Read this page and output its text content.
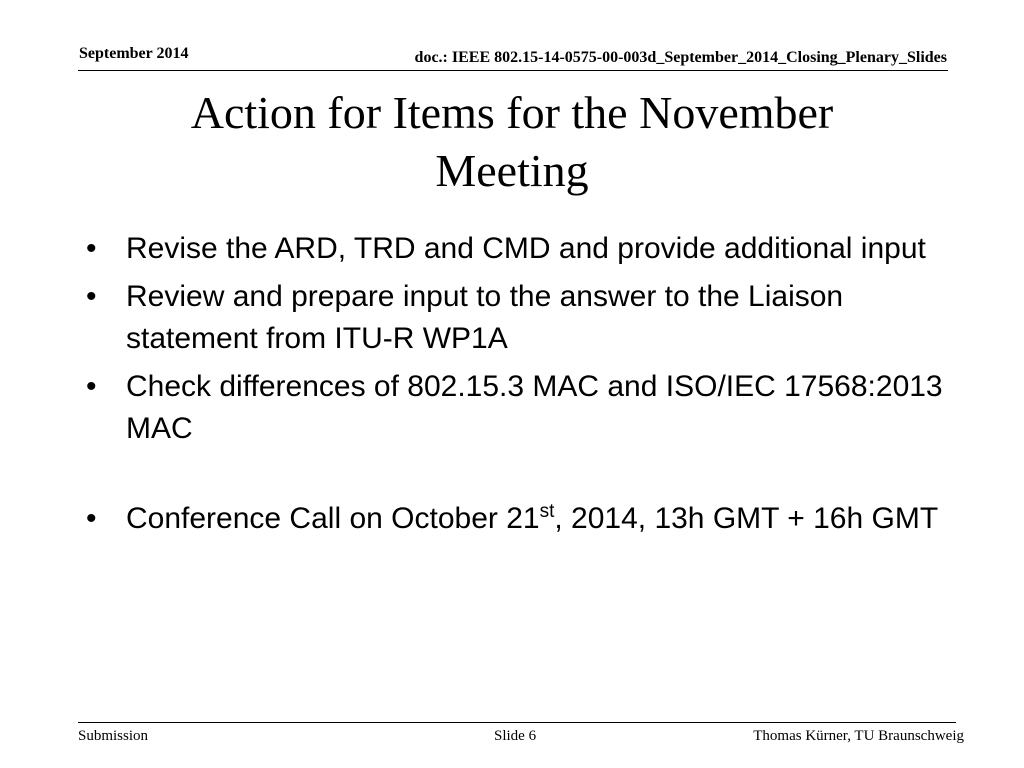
September 2014	doc.: IEEE 802.15-14-0575-00-003d_September_2014_Closing_Plenary_Slides
Action for Items for the November
Meeting
• Revise the ARD, TRD and CMD and provide additional input
• Review and prepare input to the answer to the Liaison statement from ITU-R WP1A
• Check differences of 802.15.3 MAC and ISO/IEC 17568:2013 MAC
• Conference Call on October 21st, 2014, 13h GMT + 16h GMT
Submission	Slide 6	Thomas Kürner, TU Braunschweig
